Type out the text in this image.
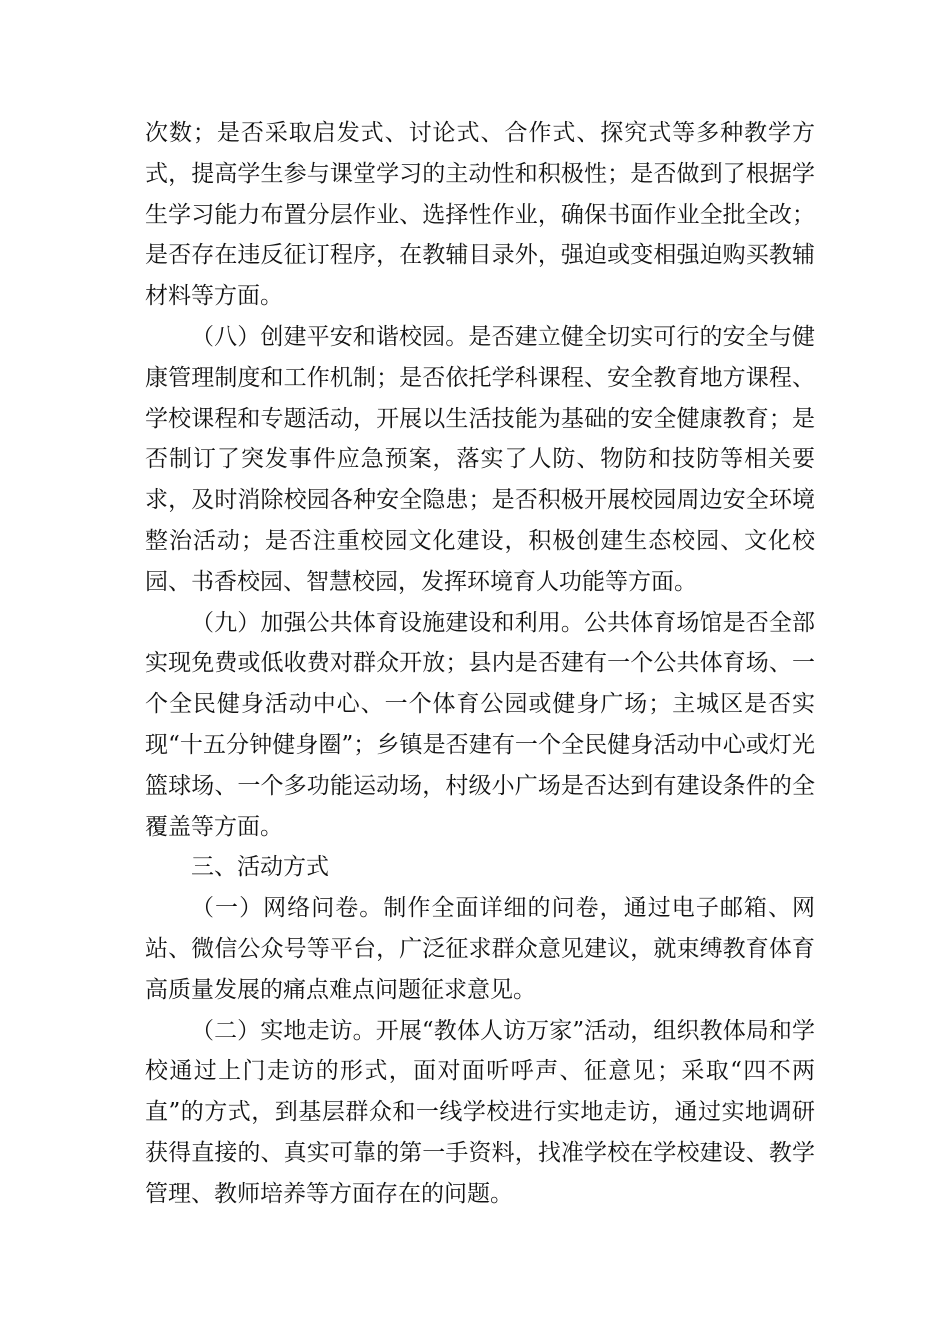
次数；是否采取启发式、讨论式、合作式、探究式等多种教学方式，提高学生参与课堂学习的主动性和积极性；是否做到了根据学生学习能力布置分层作业、选择性作业，确保书面作业全批全改；是否存在违反征订程序，在教辅目录外，强迫或变相强迫购买教辅材料等方面。

（八）创建平安和谐校园。是否建立健全切实可行的安全与健康管理制度和工作机制；是否依托学科课程、安全教育地方课程、学校课程和专题活动，开展以生活技能为基础的安全健康教育；是否制订了突发事件应急预案，落实了人防、物防和技防等相关要求，及时消除校园各种安全隐患；是否积极开展校园周边安全环境整治活动；是否注重校园文化建设，积极创建生态校园、文化校园、书香校园、智慧校园，发挥环境育人功能等方面。

（九）加强公共体育设施建设和利用。公共体育场馆是否全部实现免费或低收费对群众开放；县内是否建有一个公共体育场、一个全民健身活动中心、一个体育公园或健身广场；主城区是否实现“十五分钟健身圈”；乡镇是否建有一个全民健身活动中心或灯光篮球场、一个多功能运动场，村级小广场是否达到有建设条件的全覆盖等方面。

三、活动方式

（一）网络问卷。制作全面详细的问卷，通过电子邮箱、网站、微信公众号等平台，广泛征求群众意见建议，就束缚教育体育高质量发展的痛点难点问题征求意见。

（二）实地走访。开展“教体人访万家”活动，组织教体局和学校通过上门走访的形式，面对面听呼声、征意见；采取“四不两直”的方式，到基层群众和一线学校进行实地走访，通过实地调研获得直接的、真实可靠的第一手资料，找准学校在学校建设、教学管理、教师培养等方面存在的问题。
